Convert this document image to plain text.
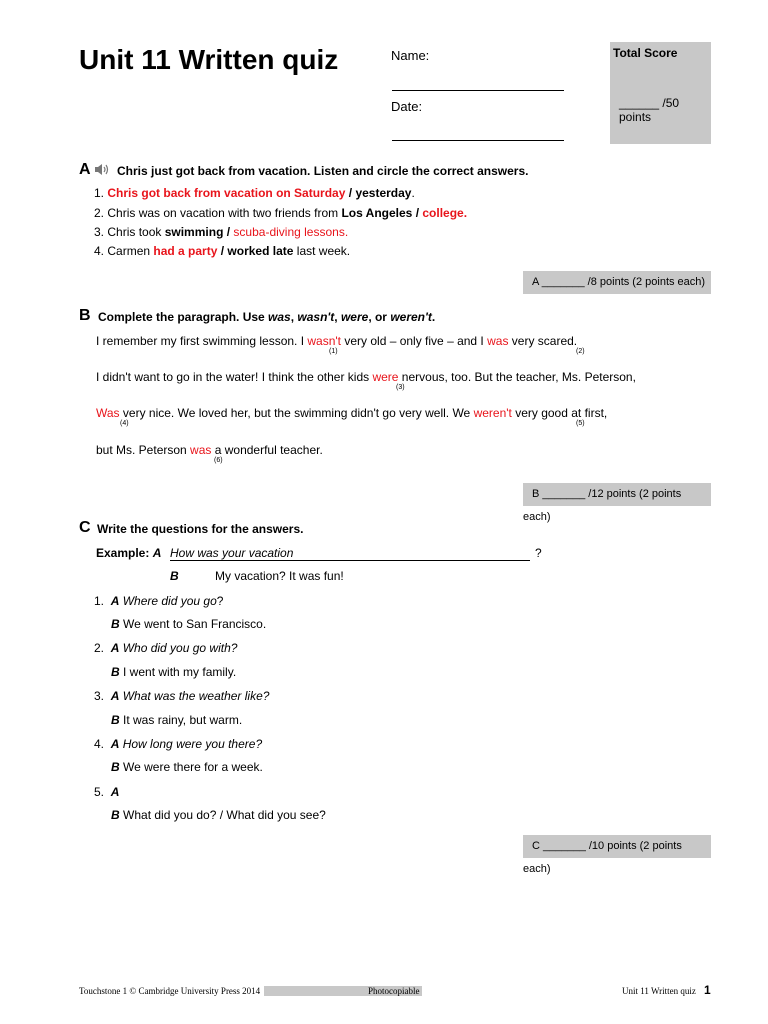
Unit 11 Written quiz	Name:
Date:
Total Score
______ /50 points
A Chris just got back from vacation. Listen and circle the correct answers.
1. Chris got back from vacation on Saturday / yesterday.
2. Chris was on vacation with two friends from Los Angeles / college.
3. Chris took swimming / scuba-diving lessons.
4. Carmen had a party / worked late last week.
A _______ /8 points (2 points each)
B Complete the paragraph. Use was, wasn't, were, or weren't.
I remember my first swimming lesson. I wasn't very old – only five – and I was very scared.
(1)	(2)
I didn't want to go in the water! I think the other kids were nervous, too. But the teacher, Ms. Peterson,
(3)
Was very nice. We loved her, but the swimming didn't go very well. We weren't very good at first,
(4)	(5)
but Ms. Peterson was a wonderful teacher.
(6)
B _______ /12 points (2 points each)
C Write the questions for the answers.
Example: A How was your vacation	?
B	My vacation? It was fun!
1. A Where did you go?
B We went to San Francisco.
2. A Who did you go with?
B I went with my family.
3. A What was the weather like?
B It was rainy, but warm.
4. A How long were you there?
B We were there for a week.
5. A
B What did you do? / What did you see?
C _______ /10 points (2 points each)
Touchstone 1 © Cambridge University Press 2014	Photocopiable	Unit 11 Written quiz 1
